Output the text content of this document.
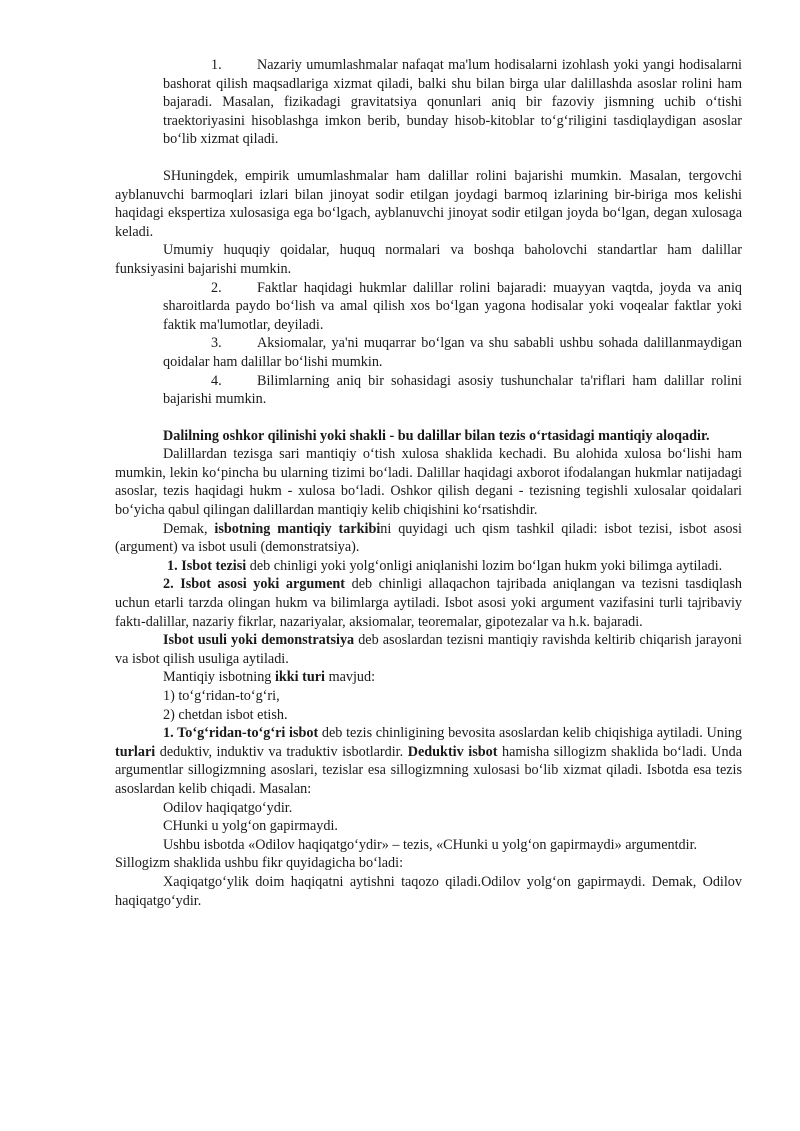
1. Nazariy umumlashmalar nafaqat ma'lum hodisalarni izohlash yoki yangi hodisalarni bashorat qilish maqsadlariga xizmat qiladi, balki shu bilan birga ular dalillashda asoslar rolini ham bajaradi. Masalan, fizikadagi gravitatsiya qonunlari aniq bir fazoviy jismning uchib o‘tishi traektoriyasini hisoblashga imkon berib, bunday hisob-kitoblar to‘g‘riligini tasdiqlaydigan asoslar bo‘lib xizmat qiladi.

SHuningdek, empirik umumlashmalar ham dalillar rolini bajarishi mumkin. Masalan, tergovchi ayblanuvchi barmoqlari izlari bilan jinoyat sodir etilgan joydagi barmoq izlarining bir-biriga mos kelishi haqidagi ekspertiza xulosasiga ega bo‘lgach, ayblanuvchi jinoyat sodir etilgan joyda bo‘lgan, degan xulosaga keladi.

Umumiy huquqiy qoidalar, huquq normalari va boshqa baholovchi standartlar ham dalillar funksiyasini bajarishi mumkin.

2. Faktlar haqidagi hukmlar dalillar rolini bajaradi: muayyan vaqtda, joyda va aniq sharoitlarda paydo bo‘lish va amal qilish xos bo‘lgan yagona hodisalar yoki voqealar faktlar yoki faktik ma'lumotlar, deyiladi.

3. Aksiomalar, ya'ni muqarrar bo‘lgan va shu sababli ushbu sohada dalillanmaydigan qoidalar ham dalillar bo‘lishi mumkin.

4. Bilimlarning aniq bir sohasidagi asosiy tushunchalar ta'riflari ham dalillar rolini bajarishi mumkin.

Dalilning oshkor qilinishi yoki shakli - bu dalillar bilan tezis o‘rtasidagi mantiqiy aloqadir.

Dalillardan tezisga sari mantiqiy o‘tish xulosa shaklida kechadi. Bu alohida xulosa bo‘lishi ham mumkin, lekin ko‘pincha bu ularning tizimi bo‘ladi. Dalillar haqidagi axborot ifodalangan hukmlar natijadagi asoslar, tezis haqidagi hukm - xulosa bo‘ladi. Oshkor qilish degani - tezisning tegishli xulosalar qoidalari bo‘yicha qabul qilingan dalillardan mantiqiy kelib chiqishini ko‘rsatishdir.

Demak, isbotning mantiqiy tarkibini quyidagi uch qism tashkil qiladi: isbot tezisi, isbot asosi (argument) va isbot usuli (demonstratsiya).

1. Isbot tezisi deb chinligi yoki yolg‘onligi aniqlanishi lozim bo‘lgan hukm yoki bilimga aytiladi.

2. Isbot asosi yoki argument deb chinligi allaqachon tajribada aniqlangan va tezisni tasdiqlash uchun etarli tarzda olingan hukm va bilimlarga aytiladi. Isbot asosi yoki argument vazifasini turli tajribaviy faktı-dalillar, nazariy fikrlar, nazariyalar, aksiomalar, teoremalar, gipotezalar va h.k. bajaradi.

Isbot usuli yoki demonstratsiya deb asoslardan tezisni mantiqiy ravishda keltirib chiqarish jarayoni va isbot qilish usuliga aytiladi.

Mantiqiy isbotning ikki turi mavjud:

1) to‘g‘ridan-to‘g‘ri,

2) chetdan isbot etish.

1. To‘g‘ridan-to‘g‘ri isbot deb tezis chinligining bevosita asoslardan kelib chiqishiga aytiladi. Uning turlari deduktiv, induktiv va traduktiv isbotlardir. Deduktiv isbot hamisha sillogizm shaklida bo‘ladi. Unda argumentlar sillogizmning asoslari, tezislar esa sillogizmning xulosasi bo‘lib xizmat qiladi. Isbotda esa tezis asoslardan kelib chiqadi. Masalan:

Odilov haqiqatgo‘ydir.

CHunki u yolg‘on gapirmaydi.

Ushbu isbotda «Odilov haqiqatgo‘ydir» – tezis, «CHunki u yolg‘on gapirmaydi» argumentdir.

Sillogizm shaklida ushbu fikr quyidagicha bo‘ladi:

Xaqiqatgo‘ylik doim haqiqatni aytishni taqozo qiladi.Odilov yolg‘on gapirmaydi. Demak, Odilov haqiqatgo‘ydir.
